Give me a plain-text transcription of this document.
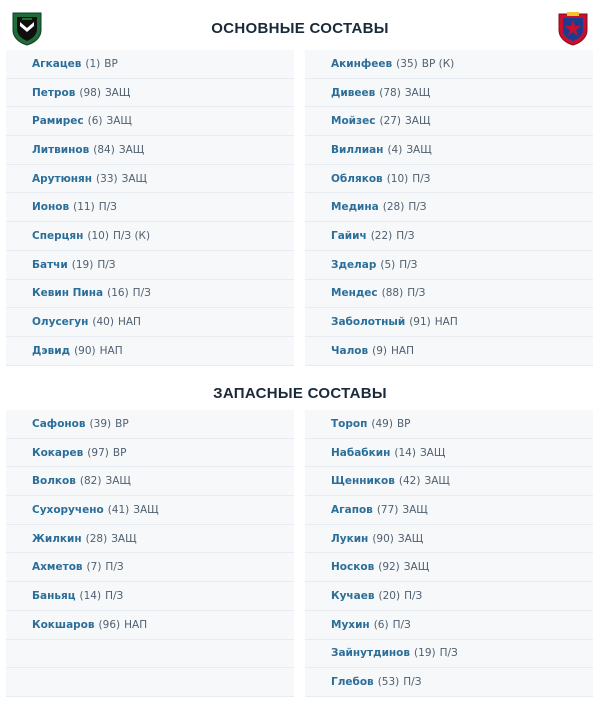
ОСНОВНЫЕ СОСТАВЫ
Агкацев (1) ВР
Петров (98) ЗАЩ
Рамирес (6) ЗАЩ
Литвинов (84) ЗАЩ
Арутюнян (33) ЗАЩ
Ионов (11) П/З
Сперцян (10) П/З (К)
Батчи (19) П/З
Кевин Пина (16) П/З
Олусегун (40) НАП
Дэвид (90) НАП
Акинфеев (35) ВР (К)
Дивеев (78) ЗАЩ
Мойзес (27) ЗАЩ
Виллиан (4) ЗАЩ
Обляков (10) П/З
Медина (28) П/З
Гайич (22) П/З
Зделар (5) П/З
Мендес (88) П/З
Заболотный (91) НАП
Чалов (9) НАП
ЗАПАСНЫЕ СОСТАВЫ
Сафонов (39) ВР
Кокарев (97) ВР
Волков (82) ЗАЩ
Сухоручено (41) ЗАЩ
Жилкин (28) ЗАЩ
Ахметов (7) П/З
Баньяц (14) П/З
Кокшаров (96) НАП
Тороп (49) ВР
Набабкин (14) ЗАЩ
Щенников (42) ЗАЩ
Агапов (77) ЗАЩ
Лукин (90) ЗАЩ
Носков (92) ЗАЩ
Кучаев (20) П/З
Мухин (6) П/З
Зайнутдинов (19) П/З
Глебов (53) П/З
